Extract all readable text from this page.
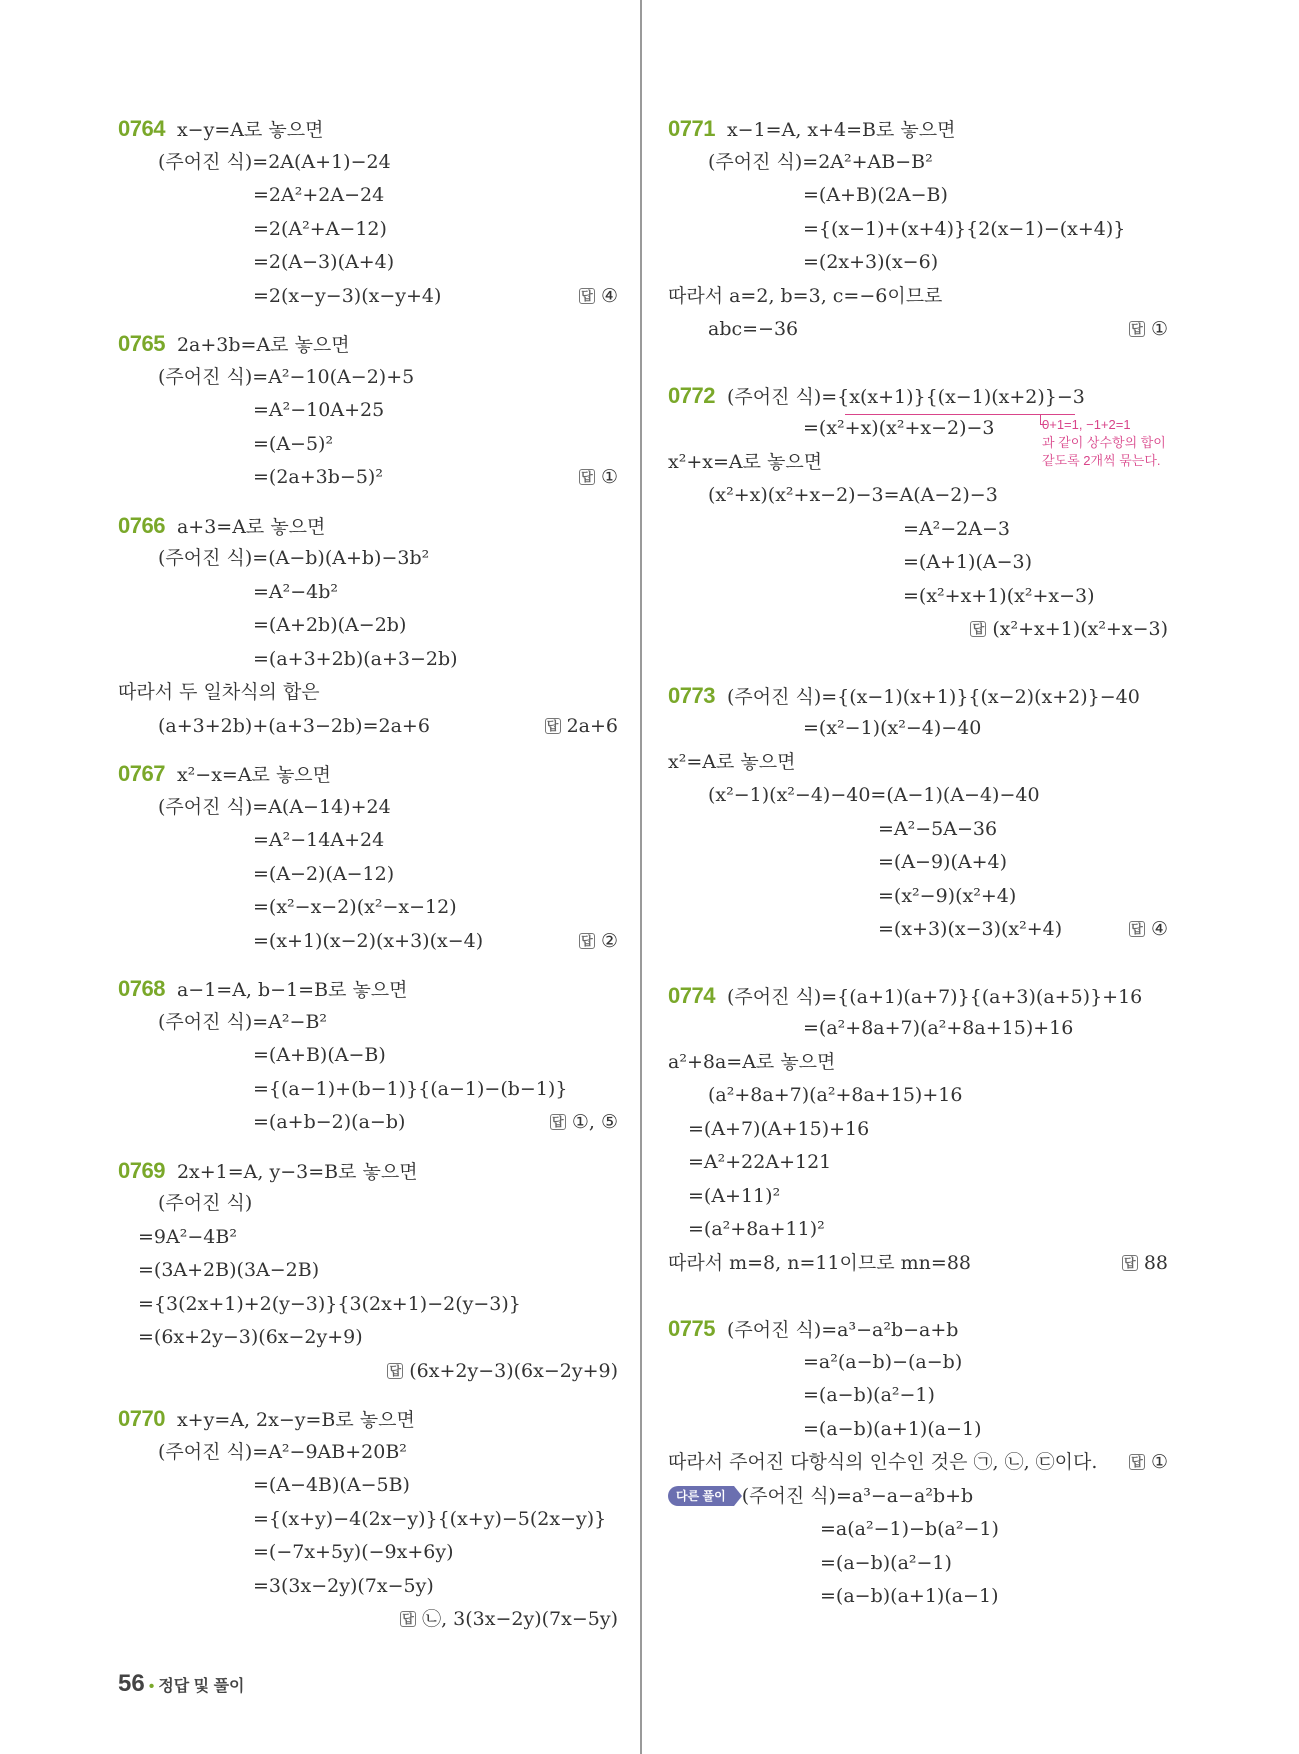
0764 x−y=A로 놓으면
(주어진 식)=2A(A+1)−24
=2A²+2A−24
=2(A²+A−12)
=2(A−3)(A+4)
=2(x−y−3)(x−y+4)	답 ④
0765 2a+3b=A로 놓으면
(주어진 식)=A²−10(A−2)+5
=A²−10A+25
=(A−5)²
=(2a+3b−5)²	답 ①
0766 a+3=A로 놓으면
(주어진 식)=(A−b)(A+b)−3b²
=A²−4b²
=(A+2b)(A−2b)
=(a+3+2b)(a+3−2b)
따라서 두 일차식의 합은
(a+3+2b)+(a+3−2b)=2a+6	답 2a+6
0767 x²−x=A로 놓으면
(주어진 식)=A(A−14)+24
=A²−14A+24
=(A−2)(A−12)
=(x²−x−2)(x²−x−12)
=(x+1)(x−2)(x+3)(x−4)	답 ②
0768 a−1=A, b−1=B로 놓으면
(주어진 식)=A²−B²
=(A+B)(A−B)
={(a−1)+(b−1)}{(a−1)−(b−1)}
=(a+b−2)(a−b)	답 ①, ⑤
0769 2x+1=A, y−3=B로 놓으면
(주어진 식)
=9A²−4B²
=(3A+2B)(3A−2B)
={3(2x+1)+2(y−3)}{3(2x+1)−2(y−3)}
=(6x+2y−3)(6x−2y+9)
답 (6x+2y−3)(6x−2y+9)
0770 x+y=A, 2x−y=B로 놓으면
(주어진 식)=A²−9AB+20B²
=(A−4B)(A−5B)
={(x+y)−4(2x−y)}{(x+y)−5(2x−y)}
=(−7x+5y)(−9x+6y)
=3(3x−2y)(7x−5y)
답 ㉡, 3(3x−2y)(7x−5y)
0771 x−1=A, x+4=B로 놓으면
(주어진 식)=2A²+AB−B²
=(A+B)(2A−B)
={(x−1)+(x+4)}{2(x−1)−(x+4)}
=(2x+3)(x−6)
따라서 a=2, b=3, c=−6이므로
abc=−36	답 ①
0772 (주어진 식)={x(x+1)}{(x−1)(x+2)}−3
=(x²+x)(x²+x−2)−3
x²+x=A로 놓으면
(x²+x)(x²+x−2)−3=A(A−2)−3
=A²−2A−3
=(A+1)(A−3)
=(x²+x+1)(x²+x−3)
답 (x²+x+1)(x²+x−3)
0773 (주어진 식)={(x−1)(x+1)}{(x−2)(x+2)}−40
=(x²−1)(x²−4)−40
x²=A로 놓으면
(x²−1)(x²−4)−40=(A−1)(A−4)−40
=A²−5A−36
=(A−9)(A+4)
=(x²−9)(x²+4)
=(x+3)(x−3)(x²+4)	답 ④
0774 (주어진 식)={(a+1)(a+7)}{(a+3)(a+5)}+16
=(a²+8a+7)(a²+8a+15)+16
a²+8a=A로 놓으면
(a²+8a+7)(a²+8a+15)+16
=(A+7)(A+15)+16
=A²+22A+121
=(A+11)²
=(a²+8a+11)²
따라서 m=8, n=11이므로 mn=88	답 88
0775 (주어진 식)=a³−a²b−a+b
=a²(a−b)−(a−b)
=(a−b)(a²−1)
=(a−b)(a+1)(a−1)
따라서 주어진 다항식의 인수인 것은 ㉠, ㉡, ㉢이다.	답 ①
다른 풀이 (주어진 식)=a³−a−a²b+b
=a(a²−1)−b(a²−1)
=(a−b)(a²−1)
=(a−b)(a+1)(a−1)
0+1=1, −1+2=1
과 같이 상수항의 합이
같도록 2개씩 묶는다.
56 • 정답 및 풀이
